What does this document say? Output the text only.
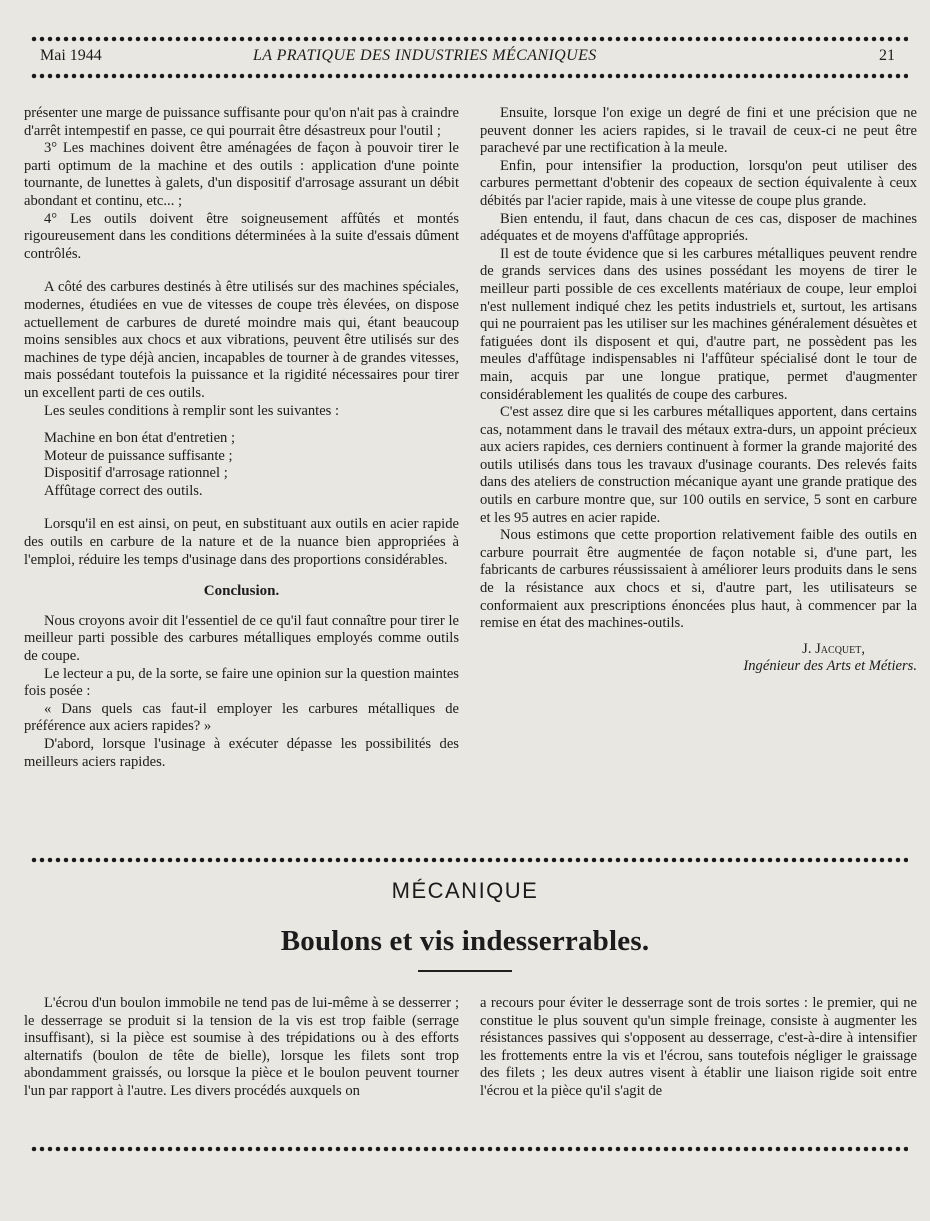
Mai 1944	LA PRATIQUE DES INDUSTRIES MÉCANIQUES	21

présenter une marge de puissance suffisante pour qu'on n'ait pas à craindre d'arrêt intempestif en passe, ce qui pourrait être désastreux pour l'outil ;

3° Les machines doivent être aménagées de façon à pouvoir tirer le parti optimum de la machine et des outils : application d'une pointe tournante, de lunettes à galets, d'un dispositif d'arrosage assurant un débit abondant et continu, etc... ;

4° Les outils doivent être soigneusement affûtés et montés rigoureusement dans les conditions déterminées à la suite d'essais dûment contrôlés.

A côté des carbures destinés à être utilisés sur des machines spéciales, modernes, étudiées en vue de vitesses de coupe très élevées, on dispose actuellement de carbures de dureté moindre mais qui, étant beaucoup moins sensibles aux chocs et aux vibrations, peuvent être utilisés sur des machines de type déjà ancien, incapables de tourner à de grandes vitesses, mais possédant toutefois la puissance et la rigidité nécessaires pour tirer un excellent parti de ces outils.

Les seules conditions à remplir sont les suivantes :

Machine en bon état d'entretien ;

Moteur de puissance suffisante ;

Dispositif d'arrosage rationnel ;

Affûtage correct des outils.

Lorsqu'il en est ainsi, on peut, en substituant aux outils en acier rapide des outils en carbure de la nature et de la nuance bien appropriées à l'emploi, réduire les temps d'usinage dans des proportions considérables.

Conclusion.

Nous croyons avoir dit l'essentiel de ce qu'il faut connaître pour tirer le meilleur parti possible des carbures métalliques employés comme outils de coupe.

Le lecteur a pu, de la sorte, se faire une opinion sur la question maintes fois posée :

« Dans quels cas faut-il employer les carbures métalliques de préférence aux aciers rapides? »

D'abord, lorsque l'usinage à exécuter dépasse les possibilités des meilleurs aciers rapides.

Ensuite, lorsque l'on exige un degré de fini et une précision que ne peuvent donner les aciers rapides, si le travail de ceux-ci ne peut être parachevé par une rectification à la meule.

Enfin, pour intensifier la production, lorsqu'on peut utiliser des carbures permettant d'obtenir des copeaux de section équivalente à ceux débités par l'acier rapide, mais à une vitesse de coupe plus grande.

Bien entendu, il faut, dans chacun de ces cas, disposer de machines adéquates et de moyens d'affûtage appropriés.

Il est de toute évidence que si les carbures métalliques peuvent rendre de grands services dans des usines possédant les moyens de tirer le meilleur parti possible de ces excellents matériaux de coupe, leur emploi n'est nullement indiqué chez les petits industriels et, surtout, les artisans qui ne pourraient pas les utiliser sur les machines généralement désuètes et fatiguées dont ils disposent et qui, d'autre part, ne possèdent pas les meules d'affûtage indispensables ni l'affûteur spécialisé dont le tour de main, acquis par une longue pratique, permet d'augmenter considérablement les qualités de coupe des carbures.

C'est assez dire que si les carbures métalliques apportent, dans certains cas, notamment dans le travail des métaux extra-durs, un appoint précieux aux aciers rapides, ces derniers continuent à former la grande majorité des outils utilisés dans tous les travaux d'usinage courants. Des relevés faits dans des ateliers de construction mécanique ayant une grande pratique des outils en carbure montre que, sur 100 outils en service, 5 sont en carbure et les 95 autres en acier rapide.

Nous estimons que cette proportion relativement faible des outils en carbure pourrait être augmentée de façon notable si, d'une part, les fabricants de carbures réussissaient à améliorer leurs produits dans le sens de la résistance aux chocs et si, d'autre part, les utilisateurs se conformaient aux prescriptions énoncées plus haut, à commencer par la remise en état des machines-outils.

J. Jacquet,
Ingénieur des Arts et Métiers.
MÉCANIQUE
Boulons et vis indesserrables.

L'écrou d'un boulon immobile ne tend pas de lui-même à se desserrer ; le desserrage se produit si la tension de la vis est trop faible (serrage insuffisant), si la pièce est soumise à des trépidations ou à des efforts alternatifs (boulon de tête de bielle), lorsque les filets sont trop abondamment graissés, ou lorsque la pièce et le boulon peuvent tourner l'un par rapport à l'autre. Les divers procédés auxquels on

a recours pour éviter le desserrage sont de trois sortes : le premier, qui ne constitue le plus souvent qu'un simple freinage, consiste à augmenter les résistances passives qui s'opposent au desserrage, c'est-à-dire à intensifier les frottements entre la vis et l'écrou, sans toutefois négliger le graissage des filets ; les deux autres visent à établir une liaison rigide soit entre l'écrou et la pièce qu'il s'agit de
